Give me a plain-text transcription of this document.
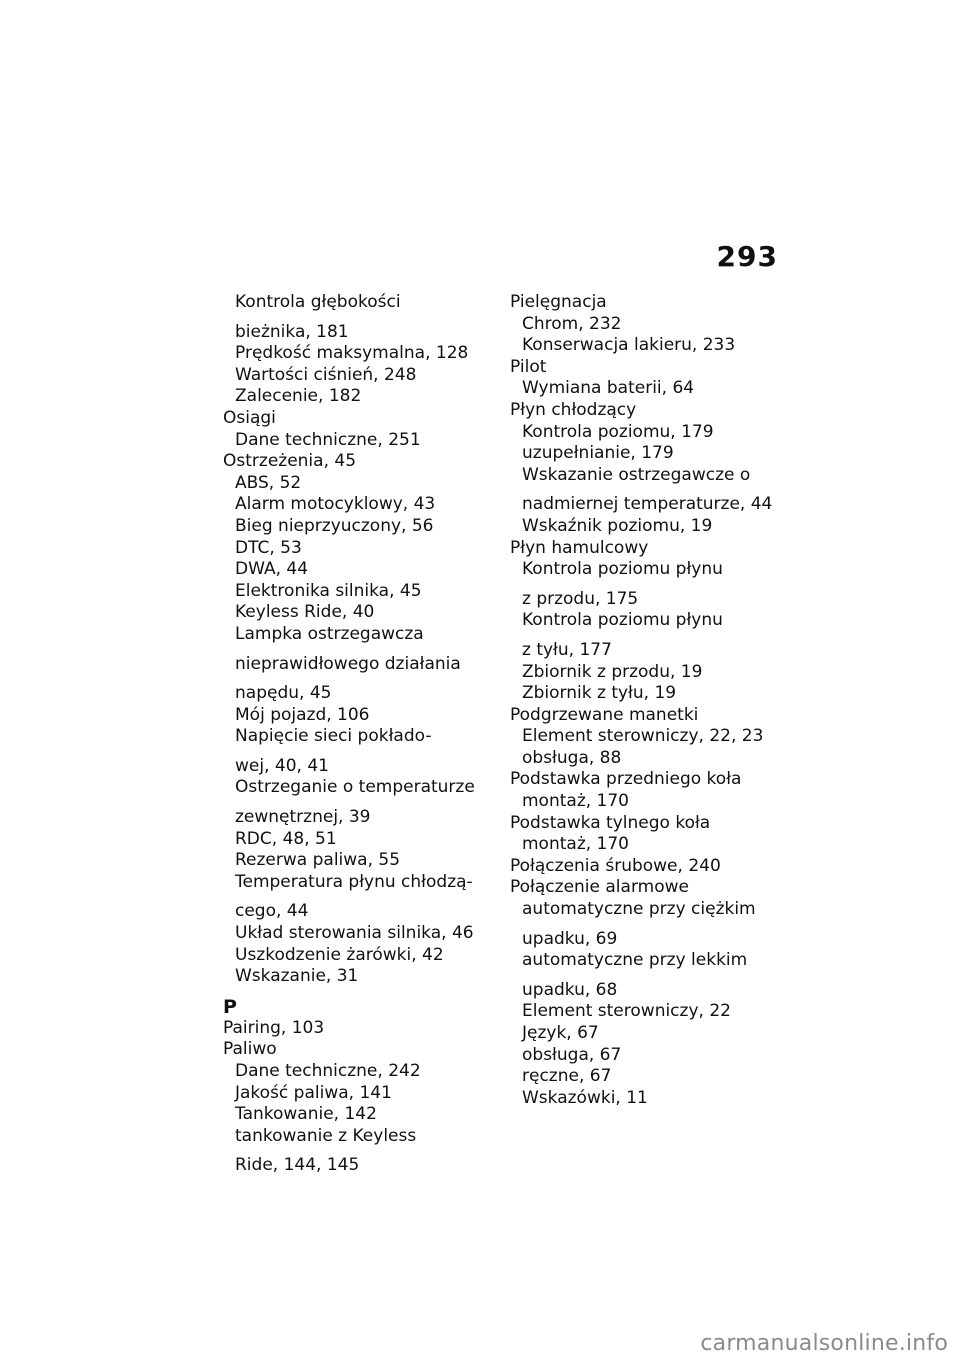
293
Kontrola głębokości
bieżnika, 181
Prędkość maksymalna, 128
Wartości ciśnień, 248
Zalecenie, 182
Osiągi
Dane techniczne, 251
Ostrzeżenia, 45
ABS, 52
Alarm motocyklowy, 43
Bieg nieprzyuczony, 56
DTC, 53
DWA, 44
Elektronika silnika, 45
Keyless Ride, 40
Lampka ostrzegawcza
nieprawidłowego działania
napędu, 45
Mój pojazd, 106
Napięcie sieci pokłado-
wej, 40, 41
Ostrzeganie o temperaturze
zewnętrznej, 39
RDC, 48, 51
Rezerwa paliwa, 55
Temperatura płynu chłodzą-
cego, 44
Układ sterowania silnika, 46
Uszkodzenie żarówki, 42
Wskazanie, 31
P
Pairing, 103
Paliwo
Dane techniczne, 242
Jakość paliwa, 141
Tankowanie, 142
tankowanie z Keyless
Ride, 144, 145
Pielęgnacja
Chrom, 232
Konserwacja lakieru, 233
Pilot
Wymiana baterii, 64
Płyn chłodzący
Kontrola poziomu, 179
uzupełnianie, 179
Wskazanie ostrzegawcze o
nadmiernej temperaturze, 44
Wskaźnik poziomu, 19
Płyn hamulcowy
Kontrola poziomu płynu
z przodu, 175
Kontrola poziomu płynu
z tyłu, 177
Zbiornik z przodu, 19
Zbiornik z tyłu, 19
Podgrzewane manetki
Element sterowniczy, 22, 23
obsługa, 88
Podstawka przedniego koła
montaż, 170
Podstawka tylnego koła
montaż, 170
Połączenia śrubowe, 240
Połączenie alarmowe
automatyczne przy ciężkim
upadku, 69
automatyczne przy lekkim
upadku, 68
Element sterowniczy, 22
Język, 67
obsługa, 67
ręczne, 67
Wskazówki, 11
carmanualsonline.info
